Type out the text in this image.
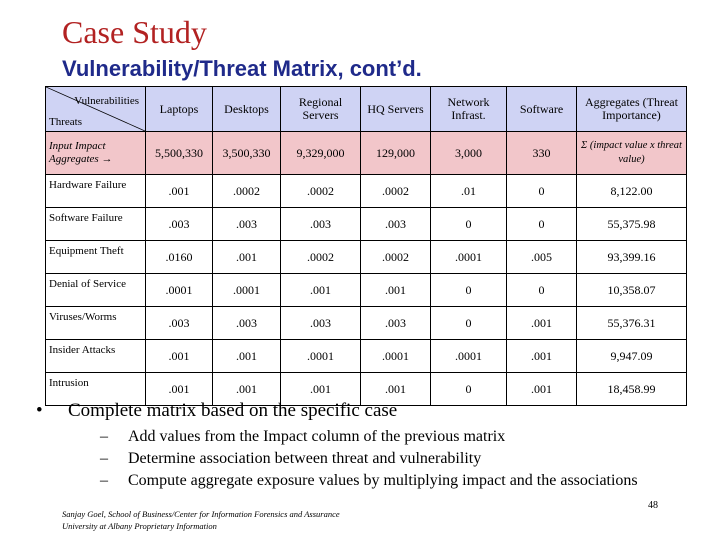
Case Study
Vulnerability/Threat Matrix, cont’d.
Vulnerabilities
Threats	Laptops	Desktops	Regional Servers	HQ Servers	Network Infrast.	Software	Aggregates (Threat Importance)
Input Impact Aggregates →	5,500,330	3,500,330	9,329,000	129,000	3,000	330	Σ (impact value x threat value)
Hardware Failure	.001	.0002	.0002	.0002	.01	0	8,122.00
Software Failure	.003	.003	.003	.003	0	0	55,375.98
Equipment Theft	.0160	.001	.0002	.0002	.0001	.005	93,399.16
Denial of Service	.0001	.0001	.001	.001	0	0	10,358.07
Viruses/Worms	.003	.003	.003	.003	0	.001	55,376.31
Insider Attacks	.001	.001	.0001	.0001	.0001	.001	9,947.09
Intrusion	.001	.001	.001	.001	0	.001	18,458.99
• Complete matrix based on the specific case
– Add values from the Impact column of the previous matrix
– Determine association between threat and vulnerability
– Compute aggregate exposure values by multiplying impact and the associations
Sanjay Goel, School of Business/Center for Information Forensics and Assurance
University at Albany Proprietary Information
48
